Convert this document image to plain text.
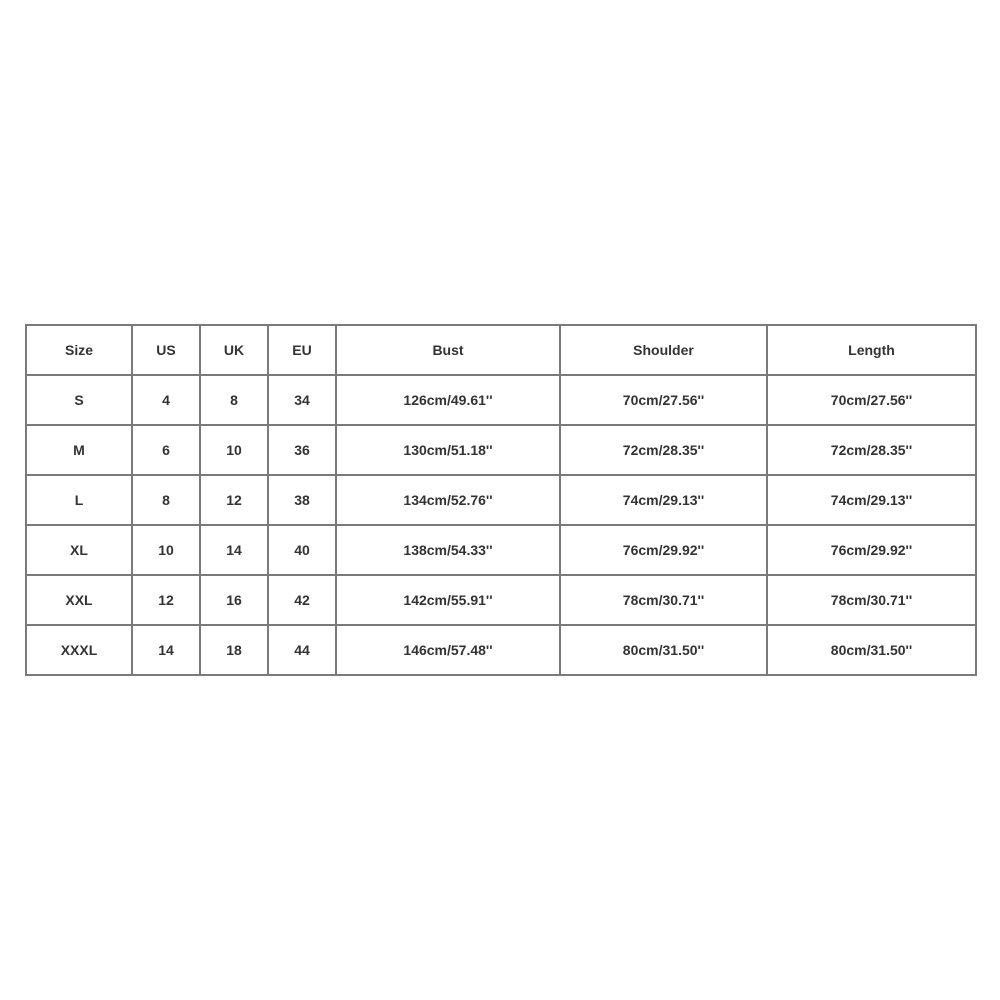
Size	US	UK	EU	Bust	Shoulder	Length
S	4	8	34	126cm/49.61''	70cm/27.56''	70cm/27.56''
M	6	10	36	130cm/51.18''	72cm/28.35''	72cm/28.35''
L	8	12	38	134cm/52.76''	74cm/29.13''	74cm/29.13''
XL	10	14	40	138cm/54.33''	76cm/29.92''	76cm/29.92''
XXL	12	16	42	142cm/55.91''	78cm/30.71''	78cm/30.71''
XXXL	14	18	44	146cm/57.48''	80cm/31.50''	80cm/31.50''
